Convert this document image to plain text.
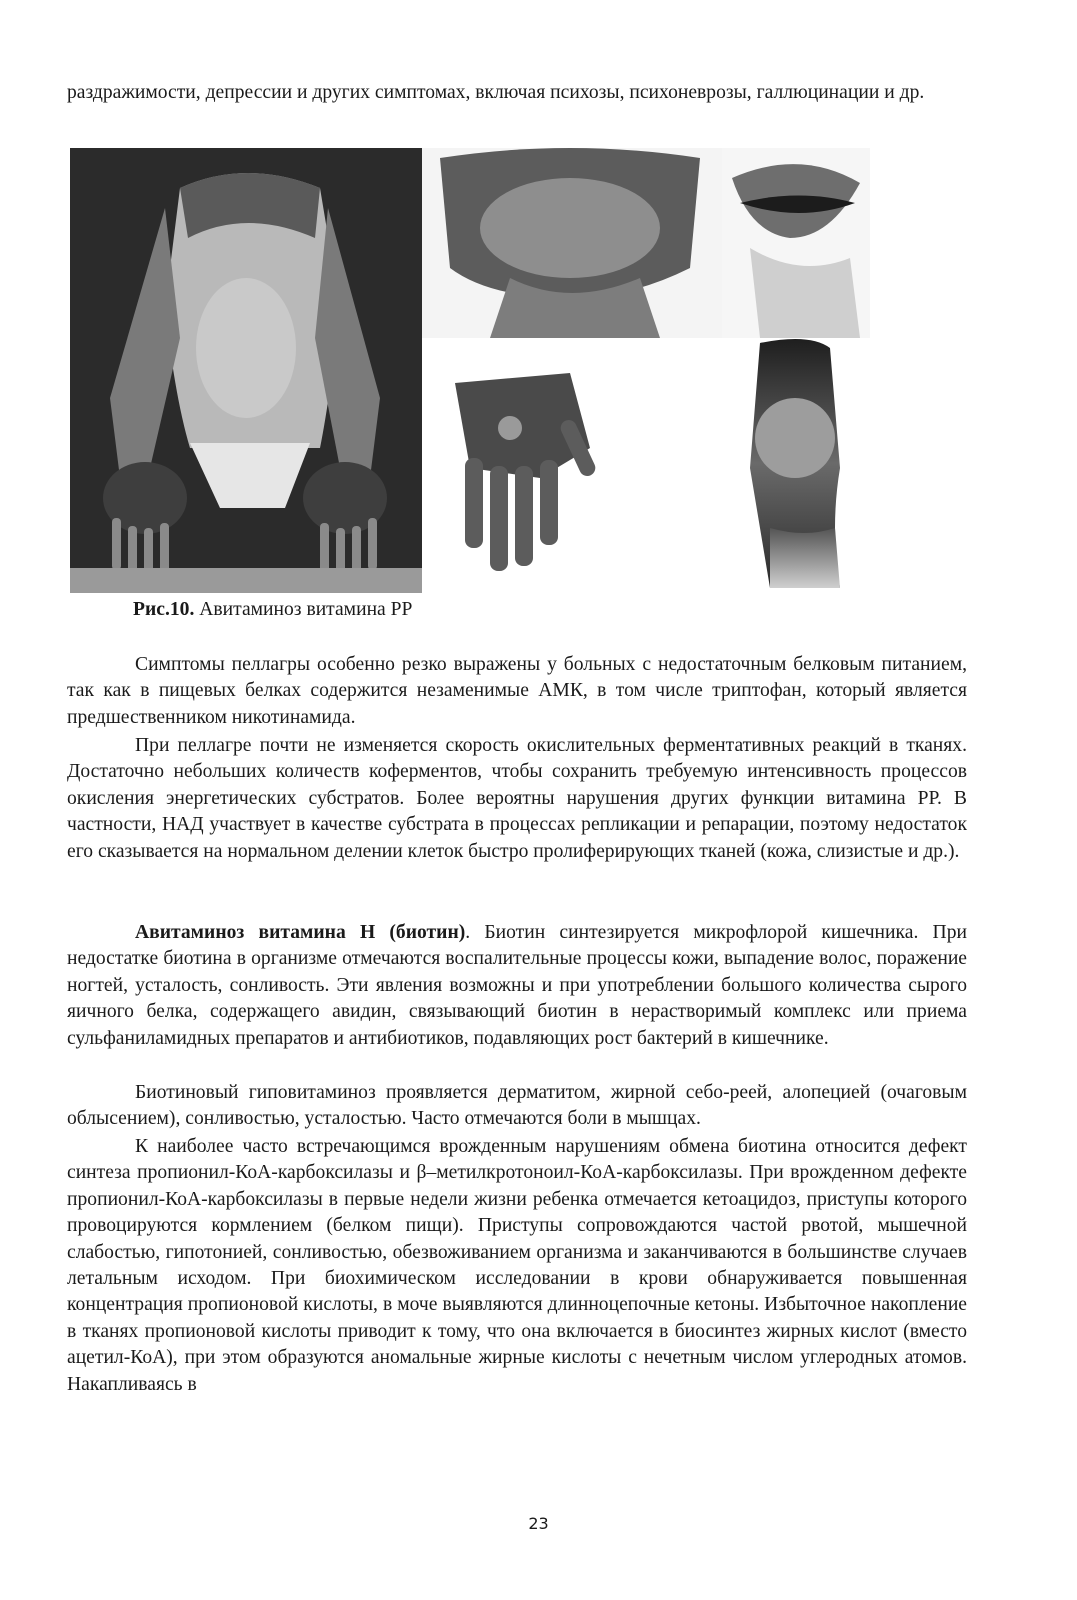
раздражимости, депрессии и других симптомах, включая психозы, психоневрозы, галлюцинации и др.

Рис.10. Авитаминоз витамина РР

Симптомы пеллагры особенно резко выражены у больных с недостаточным белковым питанием, так как в пищевых белках содержится незаменимые АМК, в том числе триптофан, который является предшественником никотинамида.

При пеллагре почти не изменяется скорость окислительных ферментативных реакций в тканях. Достаточно небольших количеств коферментов, чтобы сохранить требуемую интенсивность процессов окисления энергетических субстратов. Более вероятны нарушения других функции витамина РР. В частности, НАД участвует в качестве субстрата в процессах репликации и репарации, поэтому недостаток его сказывается на нормальном делении клеток быстро пролиферирующих тканей (кожа, слизистые и др.).

Авитаминоз витамина Н (биотин). Биотин синтезируется микрофлорой кишечника. При недостатке биотина в организме отмечаются воспалительные процессы кожи, выпадение волос, поражение ногтей, усталость, сонливость. Эти явления возможны и при употреблении большого количества сырого яичного белка, содержащего авидин, связывающий биотин в нерастворимый комплекс или приема сульфаниламидных препаратов и антибиотиков, подавляющих рост бактерий в кишечнике.

Биотиновый гиповитаминоз проявляется дерматитом, жирной себо-реей, алопецией (очаговым облысением), сонливостью, усталостью. Часто отмечаются боли в мышцах.

К наиболее часто встречающимся врожденным нарушениям обмена биотина относится дефект синтеза пропионил-КоА-карбоксилазы и β–метилкротоноил-КоА-карбоксилазы. При врожденном дефекте пропионил-КоА-карбоксилазы в первые недели жизни ребенка отмечается кетоацидоз, приступы которого провоцируются кормлением (белком пищи). Приступы сопровождаются частой рвотой, мышечной слабостью, гипотонией, сонливостью, обезвоживанием организма и заканчиваются в большинстве случаев летальным исходом. При биохимическом исследовании в крови обнаруживается повышенная концентрация пропионовой кислоты, в моче выявляются длинноцепочные кетоны. Избыточное накопление в тканях пропионовой кислоты приводит к тому, что она включается в биосинтез жирных кислот (вместо ацетил-КоА), при этом образуются аномальные жирные кислоты с нечетным числом углеродных атомов. Накапливаясь в

23
